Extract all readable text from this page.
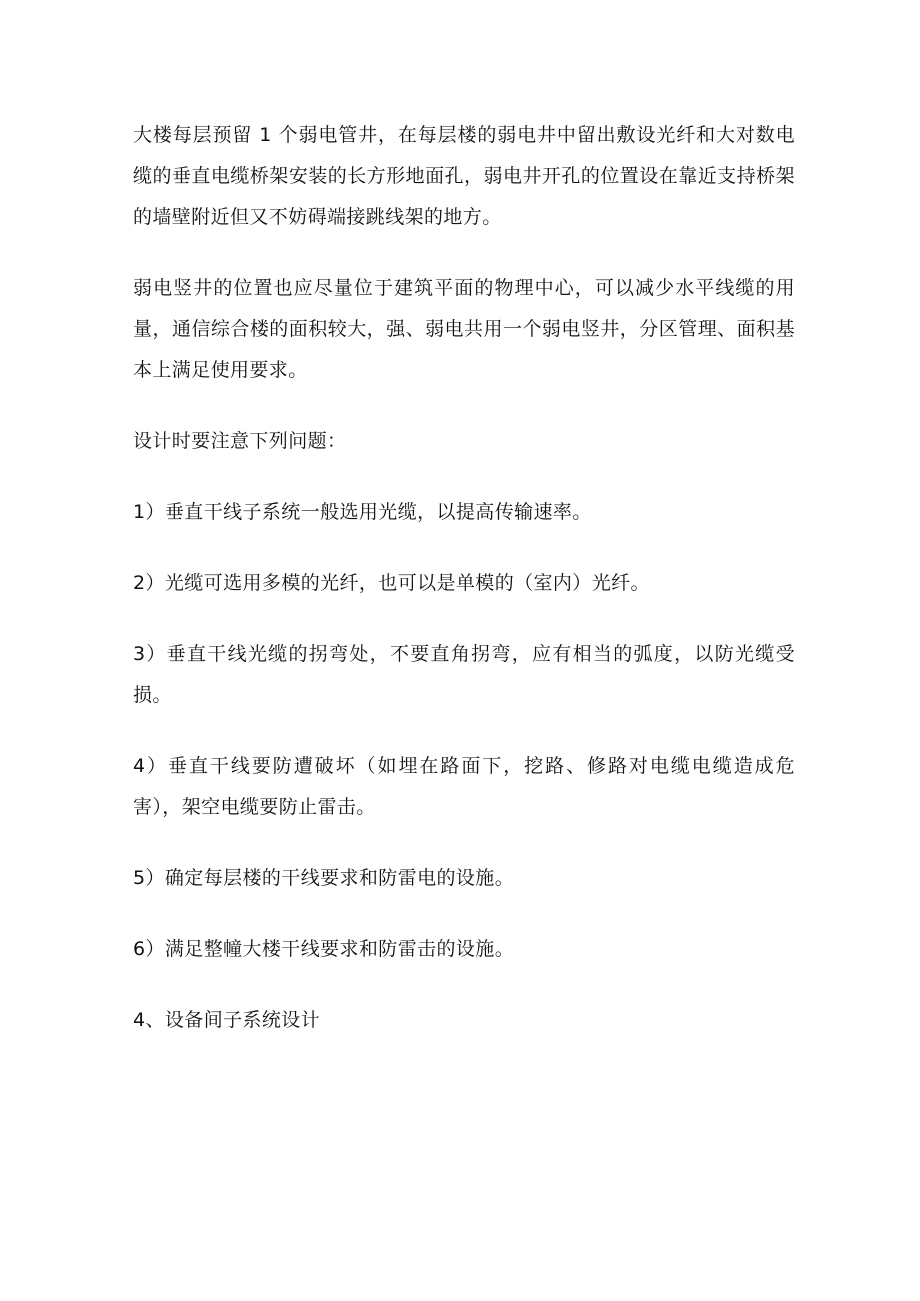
大楼每层预留 1 个弱电管井，在每层楼的弱电井中留出敷设光纤和大对数电缆的垂直电缆桥架安装的长方形地面孔，弱电井开孔的位置设在靠近支持桥架的墙壁附近但又不妨碍端接跳线架的地方。

弱电竖井的位置也应尽量位于建筑平面的物理中心，可以减少水平线缆的用量，通信综合楼的面积较大，强、弱电共用一个弱电竖井，分区管理、面积基本上满足使用要求。

设计时要注意下列问题：

1）垂直干线子系统一般选用光缆，以提高传输速率。

2）光缆可选用多模的光纤，也可以是单模的（室内）光纤。

3）垂直干线光缆的拐弯处，不要直角拐弯，应有相当的弧度，以防光缆受损。

4）垂直干线要防遭破坏（如埋在路面下，挖路、修路对电缆电缆造成危害），架空电缆要防止雷击。

5）确定每层楼的干线要求和防雷电的设施。

6）满足整幢大楼干线要求和防雷击的设施。

4、设备间子系统设计
